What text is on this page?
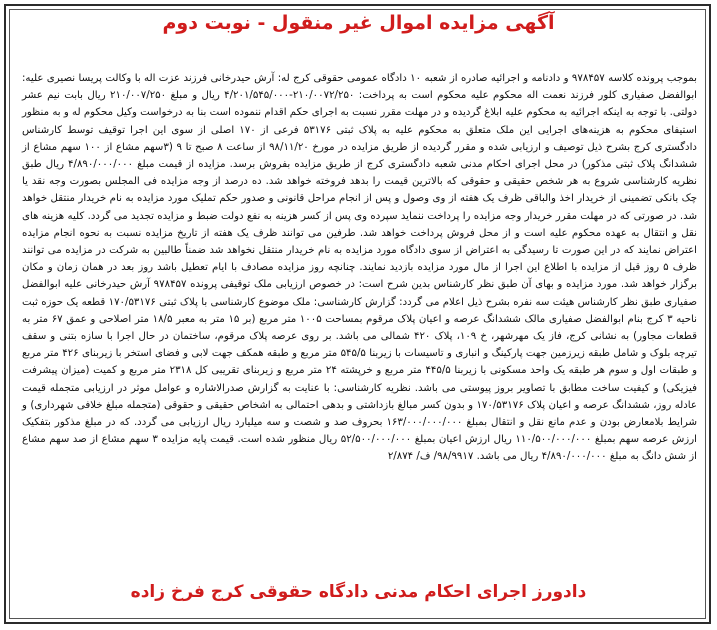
آگهی مزایده اموال غیر منقول - نوبت دوم

بموجب پرونده کلاسه ۹۷۸۴۵۷ و دادنامه و اجرائیه صادره از شعبه ۱۰ دادگاه عمومی حقوقی کرج له: آرش حیدرخانی فرزند عزت اله با وکالت پریسا نصیری علیه: ابوالفضل صفیاری کلور فرزند نعمت اله محکوم علیه محکوم است به پرداخت: ۲۱۰/۰۰۷۲/۲۵۰-۴/۲۰۱/۵۴۵/۰۰۰ ریال و مبلغ ۲۱۰/۰۰۷/۲۵۰ ریال بابت نیم عشر دولتی. با توجه به اینکه اجرائیه به محکوم علیه ابلاغ گردیده و در مهلت مقرر نسبت به اجرای حکم اقدام ننموده است بنا به درخواست وکیل محکوم له و به منظور استیفای محکوم به هزینه‌های اجرایی این ملک متعلق به محکوم علیه به پلاک ثبتی ۵۳۱۷۶ فرعی از ۱۷۰ اصلی از سوی این اجرا توقیف توسط کارشناس دادگستری کرج بشرح ذیل توصیف و ارزیابی شده و مقرر گردیده از طریق مزایده در مورخ ۹۸/۱۱/۲۰ از ساعت ۸ صبح تا ۹ (۳سهم مشاع از ۱۰۰ سهم مشاع از ششدانگ پلاک ثبتی مذکور) در محل اجرای احکام مدنی شعبه دادگستری کرج از طریق مزایده بفروش برسد. مزایده از قیمت مبلغ ۴/۸۹۰/۰۰۰/۰۰۰ ریال طبق نظریه کارشناسی شروع به هر شخص حقیقی و حقوقی که بالاترین قیمت را بدهد فروخته خواهد شد. ده درصد از وجه مزایده فی المجلس بصورت وجه نقد یا چک بانکی تضمینی از خریدار اخذ والباقی ظرف یک هفته از وی وصول و پس از انجام مراحل قانونی و صدور حکم تملیک مورد مزایده به نام خریدار منتقل خواهد شد. در صورتی که در مهلت مقرر خریدار وجه مزایده را پرداخت ننماید سپرده وی پس از کسر هزینه به نفع دولت ضبط و مزایده تجدید می گردد. کلیه هزینه های نقل و انتقال به عهده محکوم علیه است و از محل فروش پرداخت خواهد شد. طرفین می توانند ظرف یک هفته از تاریخ مزایده نسبت به نحوه انجام مزایده اعتراض نمایند که در این صورت تا رسیدگی به اعتراض از سوی دادگاه مورد مزایده به نام خریدار منتقل نخواهد شد ضمناً طالبین به شرکت در مزایده می توانند ظرف ۵ روز قبل از مزایده با اطلاع این اجرا از مال مورد مزایده بازدید نمایند. چنانچه روز مزایده مصادف با ایام تعطیل باشد روز بعد در همان زمان و مکان برگزار خواهد شد. مورد مزایده و بهای آن طبق نظر کارشناس بدین شرح است: در خصوص ارزیابی ملک توقیفی پرونده ۹۷۸۴۵۷ آرش حیدرخانی علیه ابوالفضل صفیاری طبق نظر کارشناس هیئت سه نفره بشرح ذیل اعلام می گردد: گزارش کارشناسی: ملک موضوع کارشناسی با پلاک ثبتی ۱۷۰/۵۳۱۷۶ قطعه یک حوزه ثبت ناحیه ۳ کرج بنام ابوالفضل صفیاری مالک ششدانگ عرصه و اعیان پلاک مرقوم بمساحت ۱۰۰۵ متر مربع (بر ۱۵ متر به معبر ۱۸/۵ متر اصلاحی و عمق ۶۷ متر به قطعات مجاور) به نشانی کرج، فاز یک مهرشهر، خ ۱۰۹، پلاک ۴۲۰ شمالی می باشد. بر روی عرصه پلاک مرقوم، ساختمان در حال اجرا با سازه بتنی و سقف تیرچه بلوک و شامل طبقه زیرزمین جهت پارکینگ و انباری و تاسیسات با زیربنا ۵۴۵/۵ متر مربع و طبقه همکف جهت لابی و فضای استخر با زیربنای ۴۲۶ متر مربع و طبقات اول و سوم هر طبقه یک واحد مسکونی با زیربنا ۴۴۵/۵ متر مربع و خرپشته ۲۴ متر مربع و زیربنای تقریبی کل ۲۳۱۸ متر مربع و کمیت (میزان پیشرفت فیزیکی) و کیفیت ساخت مطابق با تصاویر بروز پیوستی می باشد. نظریه کارشناسی: با عنایت به گزارش صدرالاشاره و عوامل موثر در ارزیابی متجمله قیمت عادله روز، ششدانگ عرصه و اعیان پلاک ۱۷۰/۵۳۱۷۶ و بدون کسر مبالغ بازداشتی و بدهی احتمالی به اشخاص حقیقی و حقوقی (متجمله مبلغ خلافی شهرداری) و شرایط بلامعارض بودن و عدم مانع نقل و انتقال بمبلغ ۱۶۳/۰۰۰/۰۰۰/۰۰۰ بحروف صد و شصت و سه میلیارد ریال ارزیابی می گردد. که در مبلغ مذکور بتفکیک ارزش عرصه سهم بمبلغ ۱۱۰/۵۰۰/۰۰۰/۰۰۰ ریال ارزش اعیان بمبلغ ۵۲/۵۰۰/۰۰۰/۰۰۰ ریال منظور شده است. قیمت پایه مزایده ۳ سهم مشاع از صد سهم مشاع از شش دانگ به مبلغ ۴/۸۹۰/۰۰۰/۰۰۰ ریال می باشد. ۹۸/۹۹۱۷/ ف/ ۲/۸۷۴

دادورز اجرای احکام مدنی دادگاه حقوقی کرج فرخ زاده
